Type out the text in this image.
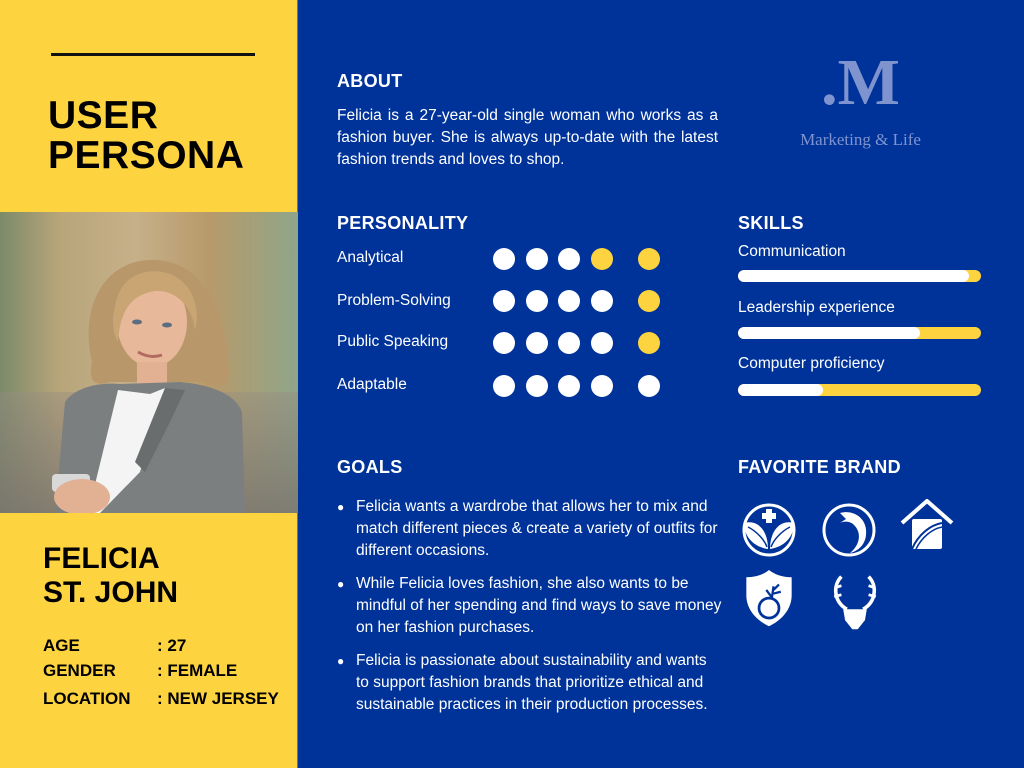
USER
PERSONA
FELICIA
ST. JOHN
AGE	: 27
GENDER	: FEMALE
LOCATION	: NEW JERSEY
ABOUT
Felicia is a 27-year-old single woman who works as a fashion buyer. She is always up-to-date with the latest fashion trends and loves to shop.
.M
Marketing & Life
PERSONALITY
Analytical
Problem-Solving
Public Speaking
Adaptable
SKILLS
Communication
Leadership experience
Computer proficiency
GOALS
● Felicia wants a wardrobe that allows her to mix and match different pieces & create a variety of outfits for different occasions.
● While Felicia loves fashion, she also wants to be mindful of her spending and find ways to save money on her fashion purchases.
● Felicia is passionate about sustainability and wants to support fashion brands that prioritize ethical and sustainable practices in their production processes.
FAVORITE BRAND
